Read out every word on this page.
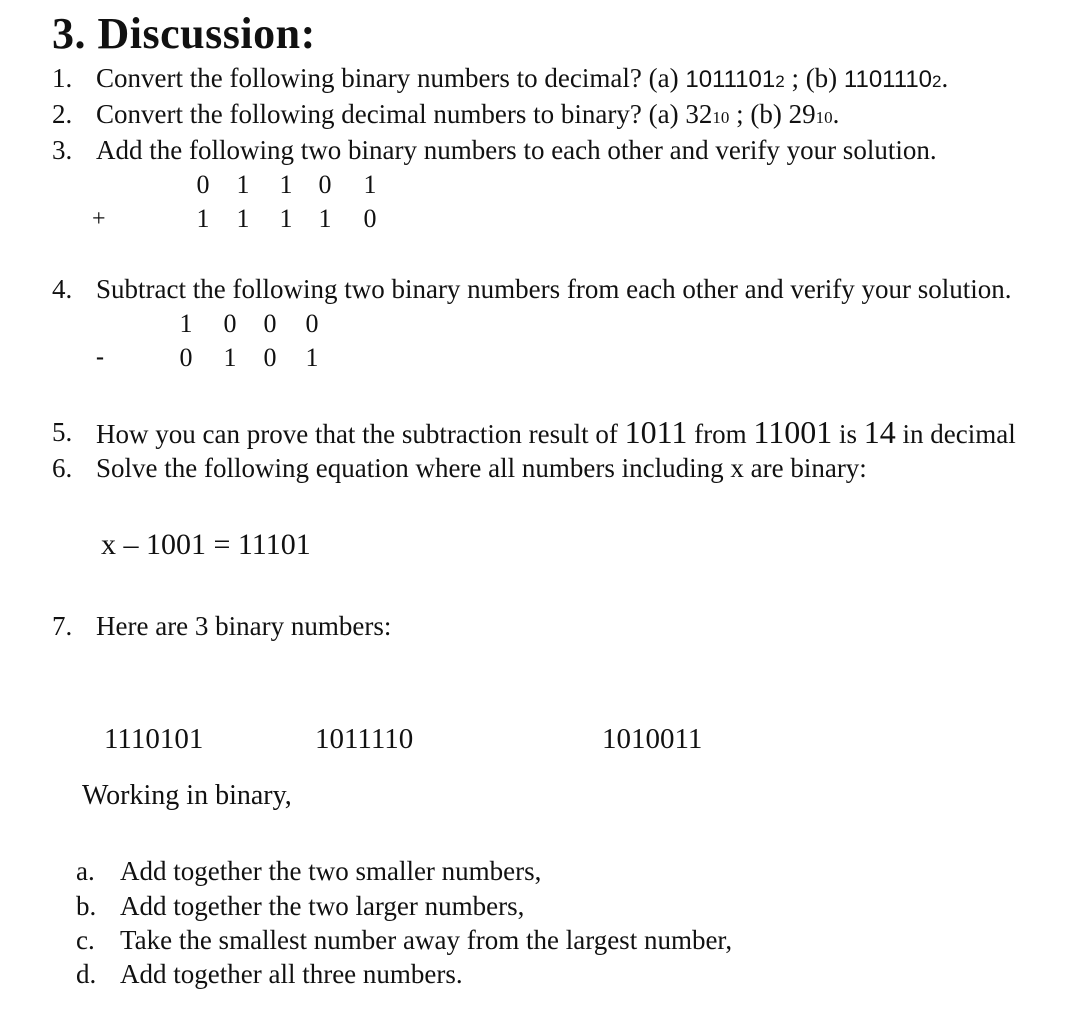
3. Discussion:
1. Convert the following binary numbers to decimal? (a) 10111012 ; (b) 11011102.
2. Convert the following decimal numbers to binary? (a) 3210 ; (b) 2910.
3. Add the following two binary numbers to each other and verify your solution.
0 1 1 0 1
+	1 1 1 1 0
4. Subtract the following two binary numbers from each other and verify your solution.
1 0 0 0
-	0 1 0 1
5. How you can prove that the subtraction result of 1011 from 11001 is 14 in decimal
6. Solve the following equation where all numbers including x are binary:
x – 1001 = 11101
7. Here are 3 binary numbers:
1110101	1011110	1010011
Working in binary,
a. Add together the two smaller numbers,
b. Add together the two larger numbers,
c. Take the smallest number away from the largest number,
d. Add together all three numbers.
